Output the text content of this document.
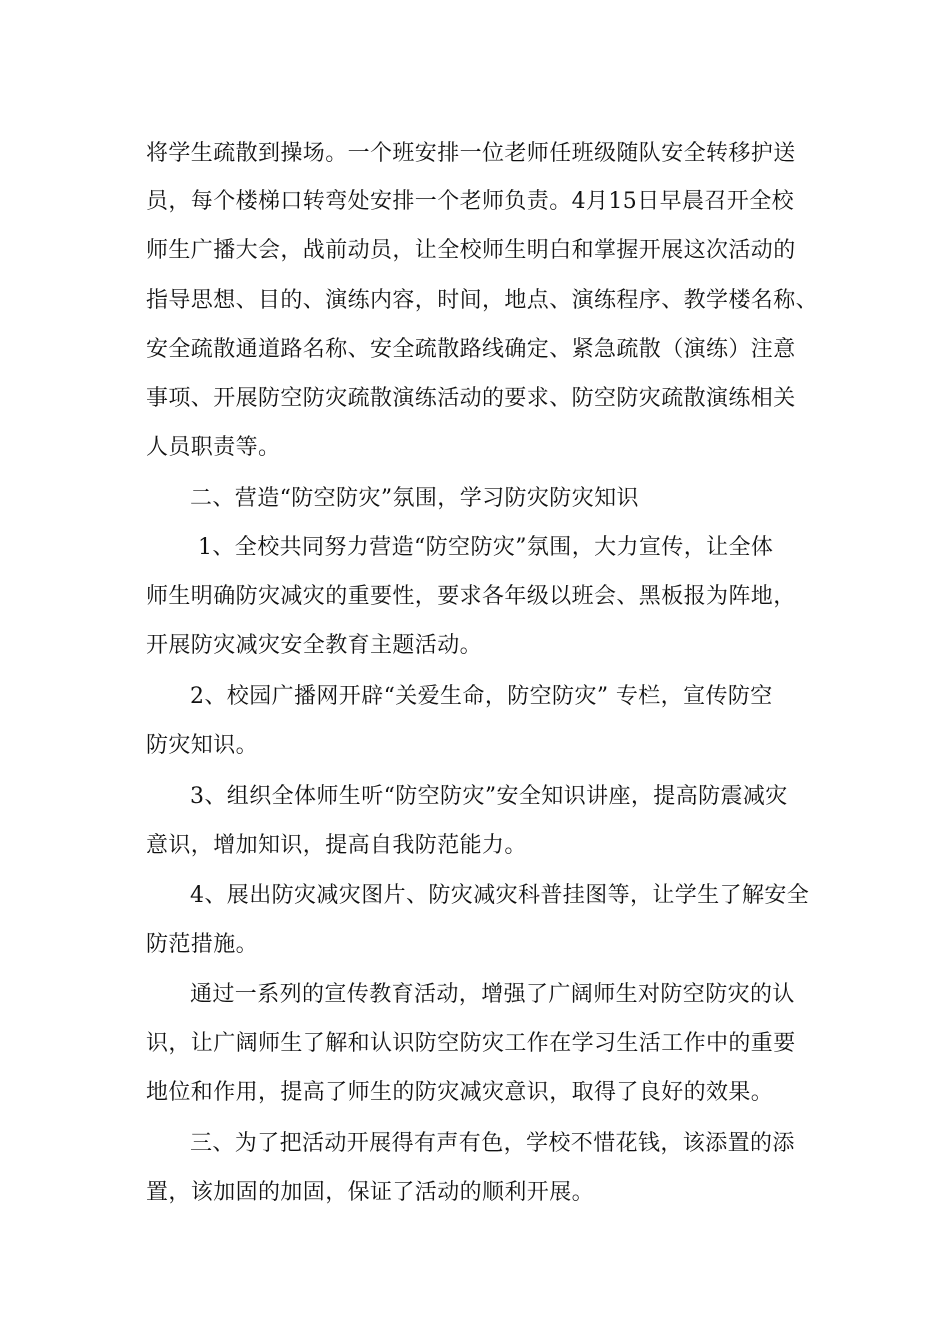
将学生疏散到操场。一个班安排一位老师任班级随队安全转移护送

员，每个楼梯口转弯处安排一个老师负责。4月15日早晨召开全校

师生广播大会，战前动员，让全校师生明白和掌握开展这次活动的

指导思想、目的、演练内容，时间，地点、演练程序、教学楼名称、

安全疏散通道路名称、安全疏散路线确定、紧急疏散（演练）注意

事项、开展防空防灾疏散演练活动的要求、防空防灾疏散演练相关

人员职责等。

二、营造“防空防灾”氛围，学习防灾防灾知识

1、全校共同努力营造“防空防灾”氛围，大力宣传，让全体

师生明确防灾减灾的重要性，要求各年级以班会、黑板报为阵地，

开展防灾减灾安全教育主题活动。

2、校园广播网开辟“关爱生命，防空防灾” 专栏，宣传防空

防灾知识。

3、组织全体师生听“防空防灾”安全知识讲座，提高防震减灾

意识，增加知识，提高自我防范能力。

4、展出防灾减灾图片、防灾减灾科普挂图等，让学生了解安全

防范措施。

通过一系列的宣传教育活动，增强了广阔师生对防空防灾的认

识，让广阔师生了解和认识防空防灾工作在学习生活工作中的重要

地位和作用，提高了师生的防灾减灾意识，取得了良好的效果。

三、为了把活动开展得有声有色，学校不惜花钱，该添置的添

置，该加固的加固，保证了活动的顺利开展。
